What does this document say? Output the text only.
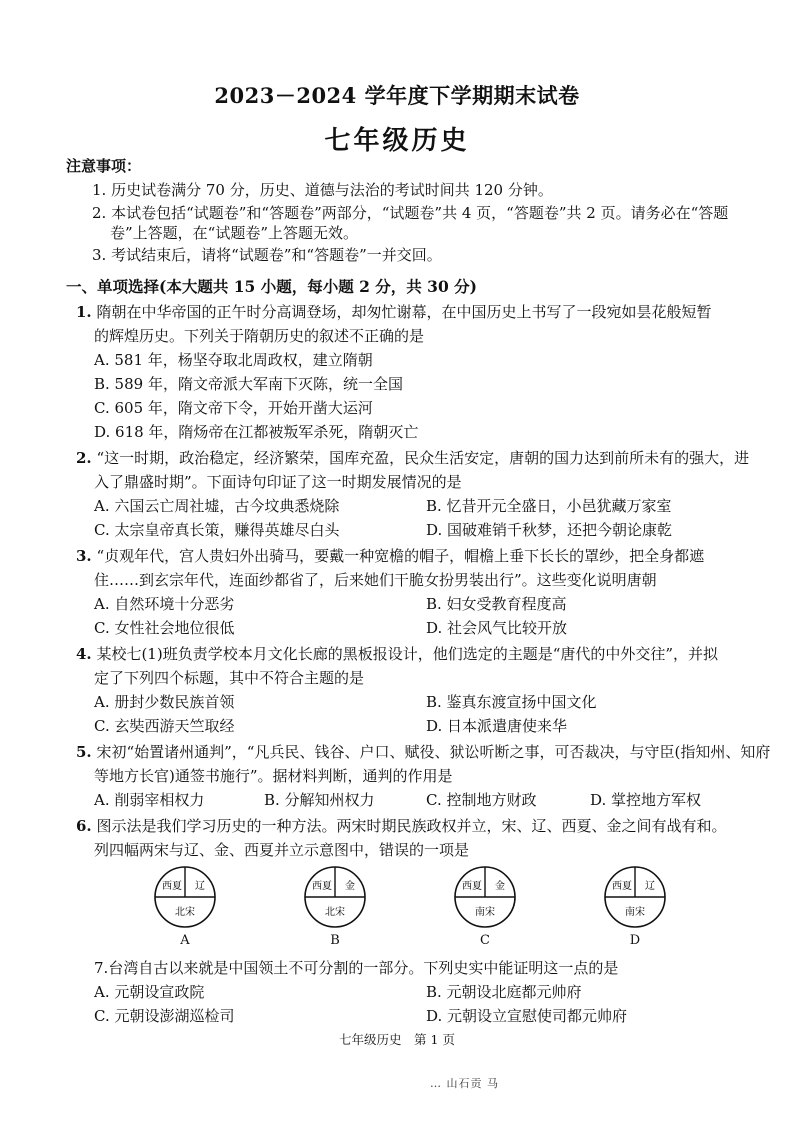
2023－2024 学年度下学期期末试卷
七年级历史
注意事项：
1. 历史试卷满分 70 分，历史、道德与法治的考试时间共 120 分钟。
2. 本试卷包括“试题卷”和“答题卷”两部分，“试题卷”共 4 页，“答题卷”共 2 页。请务必在“答题
卷”上答题，在“试题卷”上答题无效。
3. 考试结束后，请将“试题卷”和“答题卷”一并交回。
一、单项选择(本大题共 15 小题，每小题 2 分，共 30 分)
1. 隋朝在中华帝国的正午时分高调登场，却匆忙谢幕，在中国历史上书写了一段宛如昙花般短暂
的辉煌历史。下列关于隋朝历史的叙述不正确的是
A. 581 年，杨坚夺取北周政权，建立隋朝
B. 589 年，隋文帝派大军南下灭陈，统一全国
C. 605 年，隋文帝下令，开始开凿大运河
D. 618 年，隋炀帝在江都被叛军杀死，隋朝灭亡
2. “这一时期，政治稳定，经济繁荣，国库充盈，民众生活安定，唐朝的国力达到前所未有的强大，进
入了鼎盛时期”。下面诗句印证了这一时期发展情况的是
A. 六国云亡周社墟，古今坟典悉烧除	B. 忆昔开元全盛日，小邑犹藏万家室
C. 太宗皇帝真长策，赚得英雄尽白头	D. 国破难销千秋梦，还把今朝论康乾
3. “贞观年代，宫人贵妇外出骑马，要戴一种宽檐的帽子，帽檐上垂下长长的罩纱，把全身都遮
住……到玄宗年代，连面纱都省了，后来她们干脆女扮男装出行”。这些变化说明唐朝
A. 自然环境十分恶劣	B. 妇女受教育程度高
C. 女性社会地位很低	D. 社会风气比较开放
4. 某校七(1)班负责学校本月文化长廊的黑板报设计，他们选定的主题是“唐代的中外交往”，并拟
定了下列四个标题，其中不符合主题的是
A. 册封少数民族首领	B. 鉴真东渡宣扬中国文化
C. 玄奘西游天竺取经	D. 日本派遣唐使来华
5. 宋初“始置诸州通判”，“凡兵民、钱谷、户口、赋役、狱讼听断之事，可否裁决，与守臣(指知州、知府
等地方长官)通签书施行”。据材料判断，通判的作用是
A. 削弱宰相权力	B. 分解知州权力	C. 控制地方财政	D. 掌控地方军权
6. 图示法是我们学习历史的一种方法。两宋时期民族政权并立，宋、辽、西夏、金之间有战有和。
列四幅两宋与辽、金、西夏并立示意图中，错误的一项是
西夏 辽
北宋
A
西夏 金
北宋
B
西夏 金
南宋
C
西夏 辽
南宋
D
7.台湾自古以来就是中国领土不可分割的一部分。下列史实中能证明这一点的是
A. 元朝设宣政院	B. 元朝设北庭都元帅府
C. 元朝设澎湖巡检司	D. 元朝设立宣慰使司都元帅府
七年级历史　第 1 页
… 山石贡 马
